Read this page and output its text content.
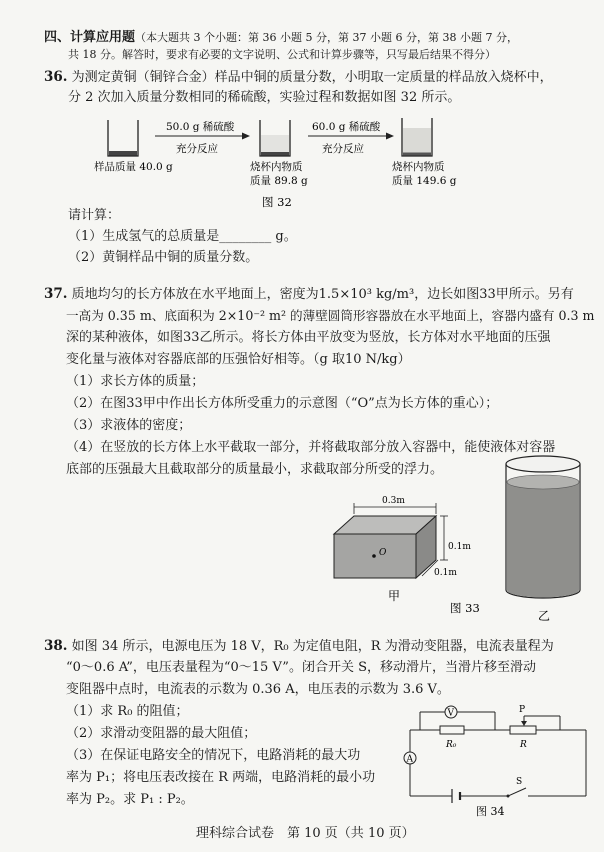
四、计算应用题（本大题共 3 个小题：第 36 小题 5 分，第 37 小题 6 分，第 38 小题 7 分，
共 18 分。解答时，要求有必要的文字说明、公式和计算步骤等，只写最后结果不得分）
36. 为测定黄铜（铜锌合金）样品中铜的质量分数，小明取一定质量的样品放入烧杯中，
分 2 次加入质量分数相同的稀硫酸，实验过程和数据如图 32 所示。
样品质量 40.0 g
50.0 g 稀硫酸
充分反应
烧杯内物质
质量 89.8 g
60.0 g 稀硫酸
充分反应
烧杯内物质
质量 149.6 g
图 32
请计算：
（1）生成氢气的总质量是________ g。
（2）黄铜样品中铜的质量分数。
37. 质地均匀的长方体放在水平地面上，密度为1.5×10³ kg/m³，边长如图33甲所示。另有
一高为 0.35 m、底面积为 2×10⁻² m² 的薄壁圆筒形容器放在水平地面上，容器内盛有 0.3 m
深的某种液体，如图33乙所示。将长方体由平放变为竖放，长方体对水平地面的压强
变化量与液体对容器底部的压强恰好相等。（g 取10 N/kg）
（1）求长方体的质量；
（2）在图33甲中作出长方体所受重力的示意图（“O”点为长方体的重心）；
（3）求液体的密度；
（4）在竖放的长方体上水平截取一部分，并将截取部分放入容器中，能使液体对容器
底部的压强最大且截取部分的质量最小，求截取部分所受的浮力。
O
0.3m
0.1m
0.1m
甲
图 33
乙
38. 如图 34 所示，电源电压为 18 V，R₀ 为定值电阻，R 为滑动变阻器，电流表量程为
“0～0.6 A”，电压表量程为“0～15 V”。闭合开关 S，移动滑片，当滑片移至滑动
变阻器中点时，电流表的示数为 0.36 A，电压表的示数为 3.6 V。
（1）求 R₀ 的阻值；
（2）求滑动变阻器的最大阻值；
（3）在保证电路安全的情况下，电路消耗的最大功
率为 P₁；将电压表改接在 R 两端，电路消耗的最小功
率为 P₂。求 P₁ : P₂。
V
R₀
P
R
A
S
图 34
理科综合试卷　第 10 页（共 10 页）
